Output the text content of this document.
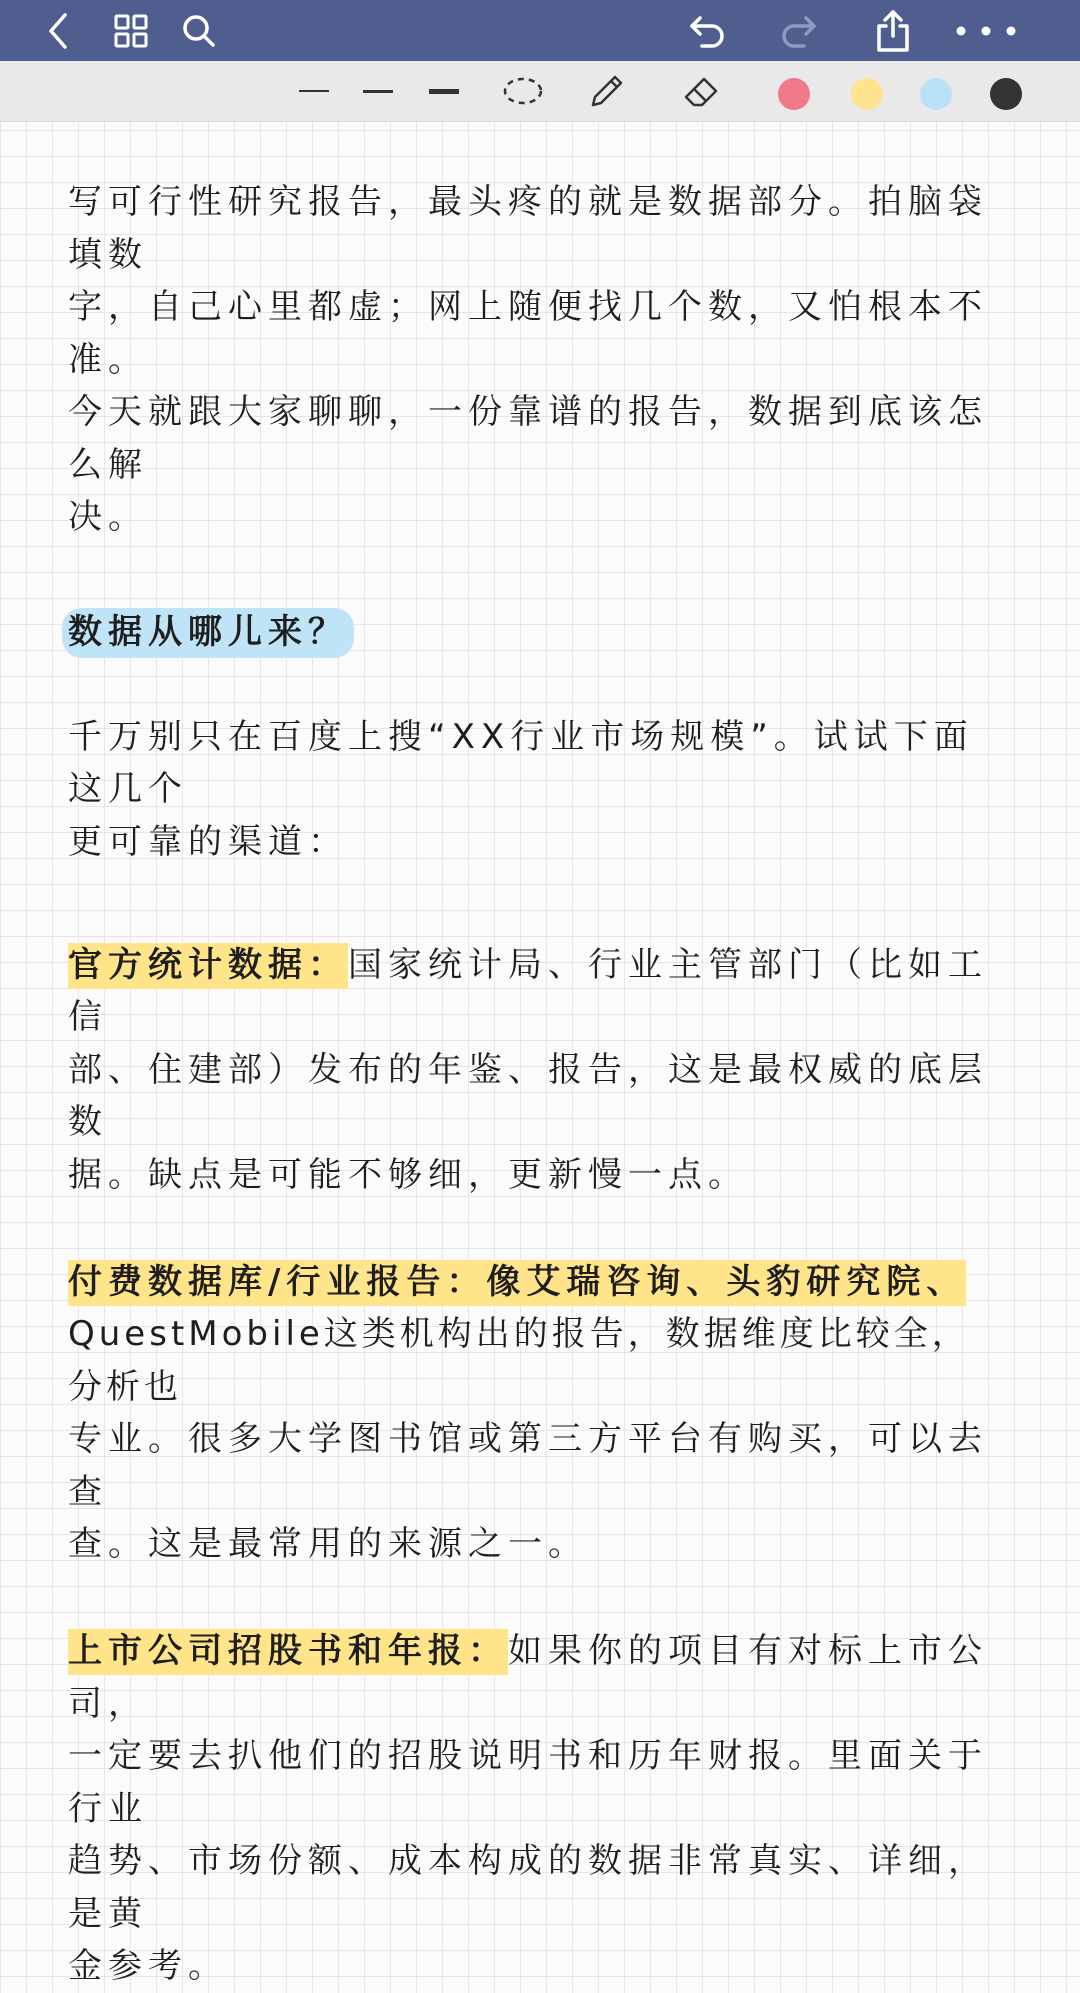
写可行性研究报告，最头疼的就是数据部分。拍脑袋填数

字，自己心里都虚；网上随便找几个数，又怕根本不准。

今天就跟大家聊聊，一份靠谱的报告，数据到底该怎么解

决。

数据从哪儿来？

千万别只在百度上搜“XX行业市场规模”。试试下面这几个

更可靠的渠道：

官方统计数据：国家统计局、行业主管部门（比如工信

部、住建部）发布的年鉴、报告，这是最权威的底层数

据。缺点是可能不够细，更新慢一点。

付费数据库/行业报告：像艾瑞咨询、头豹研究院、

QuestMobile这类机构出的报告，数据维度比较全，分析也

专业。很多大学图书馆或第三方平台有购买，可以去查

查。这是最常用的来源之一。

上市公司招股书和年报：如果你的项目有对标上市公司，

一定要去扒他们的招股说明书和历年财报。里面关于行业

趋势、市场份额、成本构成的数据非常真实、详细，是黄

金参考。
